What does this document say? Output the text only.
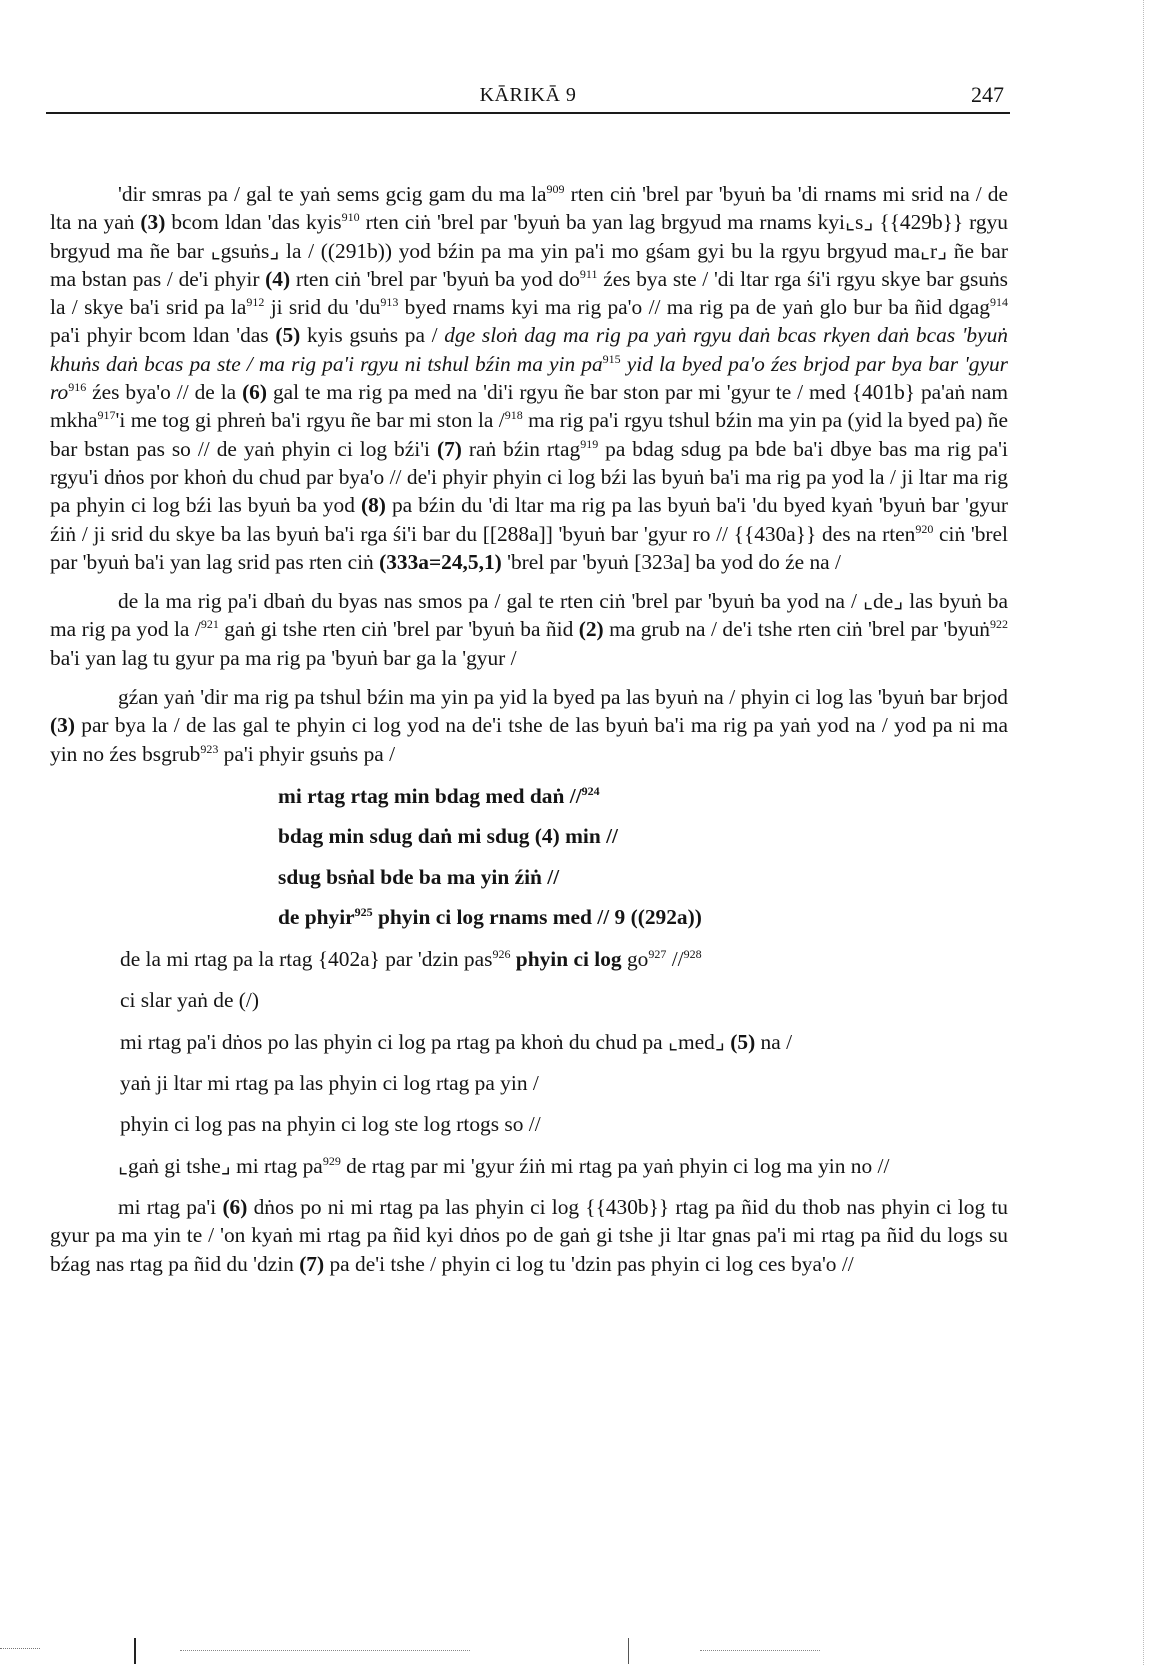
KĀRIKĀ 9	247

'dir smras pa / gal te yaṅ sems gcig gam du ma $la^{909}$ rten ciṅ 'brel par 'byuṅ ba 'di rnams mi srid na / de lta na yaṅ (3) bcom ldan 'das kyis$^{910}$ rten ciṅ 'brel par 'byuṅ ba yan lag brgyud ma rnams kyi⌞s⌟ {{429b}} rgyu brgyud ma ñe bar ⌞gsuṅs⌟ la / ((291b)) yod bźin pa ma yin pa'i mo gśam gyi bu la rgyu brgyud ma⌞r⌟ ñe bar ma bstan pas / de'i phyir (4) rten ciṅ 'brel par 'byuṅ ba yod $do^{911}$ źes bya ste / 'di ltar rga śi'i rgyu skye bar gsuṅs la / skye ba'i srid pa $la^{912}$ ji srid du '$du^{913}$ byed rnams kyi ma rig pa'o // ma rig pa de yaṅ glo bur ba ñid dgag$^{914}$ pa'i phyir bcom ldan 'das (5) kyis gsuṅs pa / dge sloṅ dag ma rig pa yaṅ rgyu daṅ bcas rkyen daṅ bcas 'byuṅ khuṅs daṅ bcas pa ste / ma rig pa'i rgyu ni tshul bźin ma yin $pa^{915}$ yid la byed pa'o źes brjod par bya bar 'gyur $ro^{916}$ źes bya'o // de la (6) gal te ma rig pa med na 'di'i rgyu ñe bar ston par mi 'gyur te / med {401b} pa'aṅ nam mkha$^{917}$'i me tog gi phreṅ ba'i rgyu ñe bar mi ston la /$^{918}$ ma rig pa'i rgyu tshul bźin ma yin pa (yid la byed pa) ñe bar bstan pas so // de yaṅ phyin ci log bźi'i (7) raṅ bźin rtag$^{919}$ pa bdag sdug pa bde ba'i dbye bas ma rig pa'i rgyu'i dṅos por khoṅ du chud par bya'o // de'i phyir phyin ci log bźi las byuṅ ba'i ma rig pa yod la / ji ltar ma rig pa phyin ci log bźi las byuṅ ba yod (8) pa bźin du 'di ltar ma rig pa las byuṅ ba'i 'du byed kyaṅ 'byuṅ bar 'gyur źiṅ / ji srid du skye ba las byuṅ ba'i rga śi'i bar du [[288a]] 'byuṅ bar 'gyur ro // {{430a}} des na rten$^{920}$ ciṅ 'brel par 'byuṅ ba'i yan lag srid pas rten ciṅ (333a=24,5,1) 'brel par 'byuṅ [323a] ba yod do źe na /

de la ma rig pa'i dbaṅ du byas nas smos pa / gal te rten ciṅ 'brel par 'byuṅ ba yod na / ⌞de⌟ las byuṅ ba ma rig pa yod la /$^{921}$ gaṅ gi tshe rten ciṅ 'brel par 'byuṅ ba ñid (2) ma grub na / de'i tshe rten ciṅ 'brel par 'byuṅ$^{922}$ ba'i yan lag tu gyur pa ma rig pa 'byuṅ bar ga la 'gyur /

gźan yaṅ 'dir ma rig pa tshul bźin ma yin pa yid la byed pa las byuṅ na / phyin ci log las 'byuṅ bar brjod (3) par bya la / de las gal te phyin ci log yod na de'i tshe de las byuṅ ba'i ma rig pa yaṅ yod na / yod pa ni ma yin no źes bsgrub$^{923}$ pa'i phyir gsuṅs pa /

mi rtag rtag min bdag med daṅ //$^{924}$
bdag min sdug daṅ mi sdug (4) min //
sdug bsṅal bde ba ma yin źiṅ //
de phyir$^{925}$ phyin ci log rnams med // 9 ((292a))
de la mi rtag pa la rtag {402a} par 'dzin pas$^{926}$ phyin ci $\log go^{927}$ //$^{928}$
ci slar yaṅ de (/)
mi rtag pa'i dṅos po las phyin ci log pa rtag pa khoṅ du chud pa ⌞med⌟ (5) na /
yaṅ ji ltar mi rtag pa las phyin ci log rtag pa yin /
phyin ci log pas na phyin ci log ste log rtogs so //

⌞gaṅ gi tshe⌟ mi rtag $pa^{929}$ de rtag par mi 'gyur źiṅ mi rtag pa yaṅ phyin ci log ma yin no //

mi rtag pa'i (6) dṅos po ni mi rtag pa las phyin ci log {{430b}} rtag pa ñid du thob nas phyin ci log tu gyur pa ma yin te / 'on kyaṅ mi rtag pa ñid kyi dṅos po de gaṅ gi tshe ji ltar gnas pa'i mi rtag pa ñid du logs su bźag nas rtag pa ñid du 'dzin (7) pa de'i tshe / phyin ci log tu 'dzin pas phyin ci log ces bya'o //
